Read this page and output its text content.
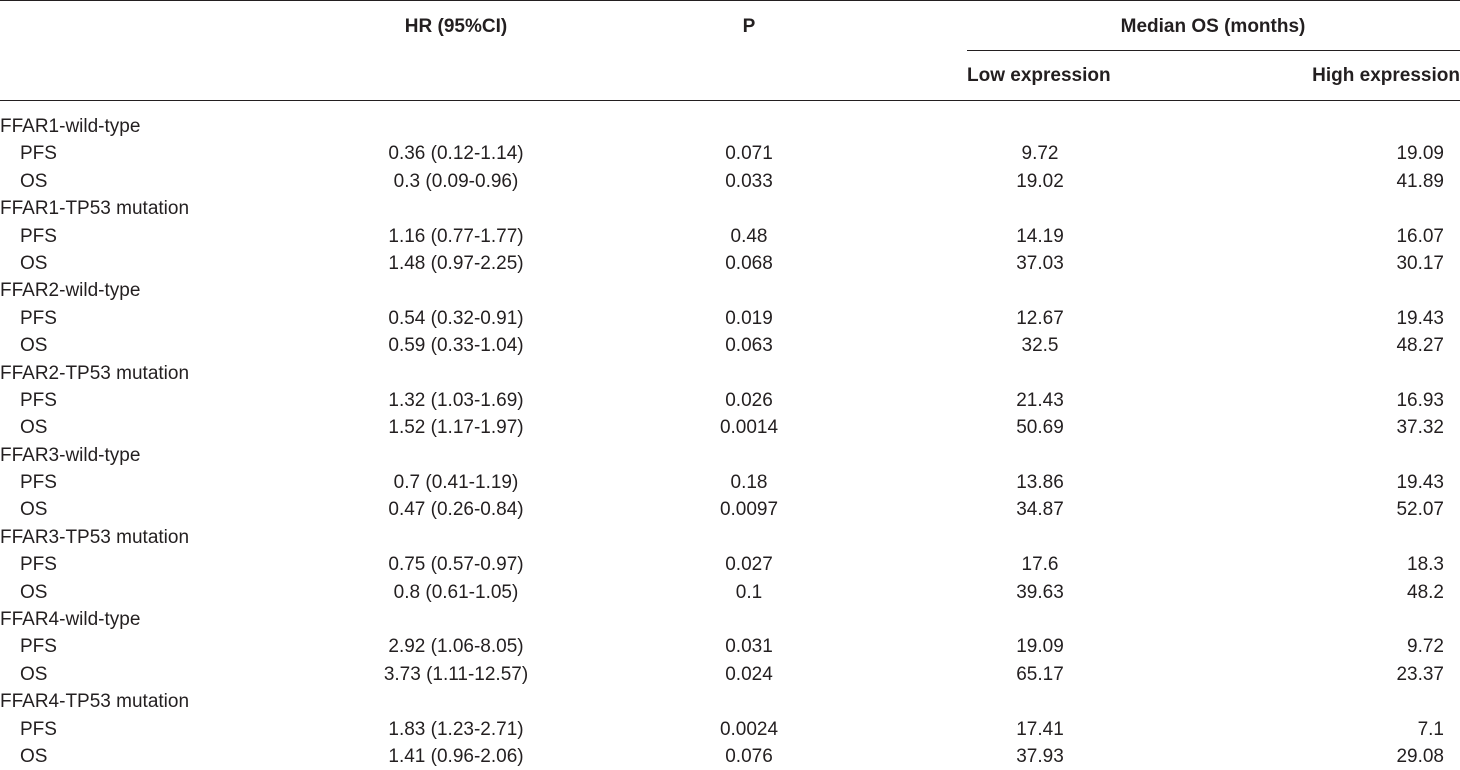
HR (95%CI)	P	Median OS (months)
Low expression	High expression
FFAR1-wild-type
PFS	0.36 (0.12-1.14)	0.071	9.72	19.09
OS	0.3 (0.09-0.96)	0.033	19.02	41.89
FFAR1-TP53 mutation
PFS	1.16 (0.77-1.77)	0.48	14.19	16.07
OS	1.48 (0.97-2.25)	0.068	37.03	30.17
FFAR2-wild-type
PFS	0.54 (0.32-0.91)	0.019	12.67	19.43
OS	0.59 (0.33-1.04)	0.063	32.5	48.27
FFAR2-TP53 mutation
PFS	1.32 (1.03-1.69)	0.026	21.43	16.93
OS	1.52 (1.17-1.97)	0.0014	50.69	37.32
FFAR3-wild-type
PFS	0.7 (0.41-1.19)	0.18	13.86	19.43
OS	0.47 (0.26-0.84)	0.0097	34.87	52.07
FFAR3-TP53 mutation
PFS	0.75 (0.57-0.97)	0.027	17.6	18.3
OS	0.8 (0.61-1.05)	0.1	39.63	48.2
FFAR4-wild-type
PFS	2.92 (1.06-8.05)	0.031	19.09	9.72
OS	3.73 (1.11-12.57)	0.024	65.17	23.37
FFAR4-TP53 mutation
PFS	1.83 (1.23-2.71)	0.0024	17.41	7.1
OS	1.41 (0.96-2.06)	0.076	37.93	29.08
